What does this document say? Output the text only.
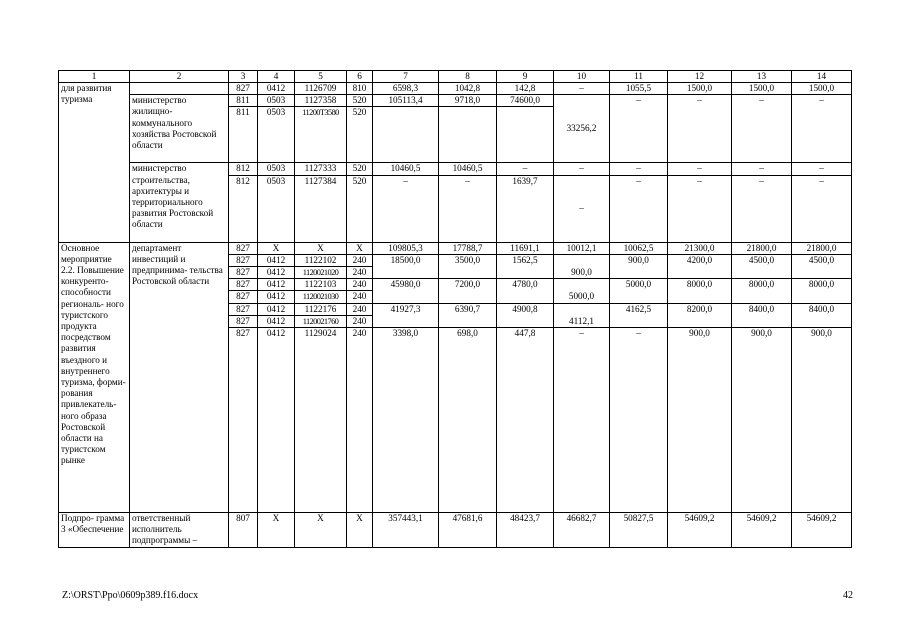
1	2	3	4	5	6	7	8	9	10	11	12	13	14
для развития туризма		827	0412	1126709	810	6598,3	1042,8	142,8	–	1055,5	1500,0	1500,0	1500,0
	министерство жилищно- коммунального хозяйства Ростовской области	811	0503	1127358	520	105113,4	9718,0	74600,0	33256,2	–	–	–	–
		811	0503	11200Т3580	520								
	министерство строительства, архитектуры и территориального развития Ростовской области	812	0503	1127333	520	10460,5	10460,5	–	–	–	–	–	–
		812	0503	1127384	520	–	–	1639,7	–	–	–	–	–
Основное мероприятие 2.2. Повышение конкуренто- способности региональ- ного туристского продукта посредством развития въездного и внутреннего туризма, форми- рования привлекатель- ного образа Ростовской области на туристском рынке	департамент инвестиций и предпринима- тельства Ростовской области	827	Х	Х	Х	109805,3	17788,7	11691,1	10012,1	10062,5	21300,0	21800,0	21800,0
		827	0412	1122102	240	18500,0	3500,0	1562,5	900,0	900,0	4200,0	4500,0	4500,0
		827	0412	1120021020	240								
		827	0412	1122103	240	45980,0	7200,0	4780,0	5000,0	5000,0	8000,0	8000,0	8000,0
		827	0412	1120021030	240								
		827	0412	1122176	240	41927,3	6390,7	4900,8	4112,1	4162,5	8200,0	8400,0	8400,0
		827	0412	1120021760	240								
		827	0412	1129024	240	3398,0	698,0	447,8	–	–	900,0	900,0	900,0
Подпро- грамма 3 «Обеспечение	ответственный исполнитель подпрограммы –	807	Х	Х	Х	357443,1	47681,6	48423,7	46682,7	50827,5	54609,2	54609,2	54609,2
Z:\ORST\Ppo\0609p389.f16.docx	42
